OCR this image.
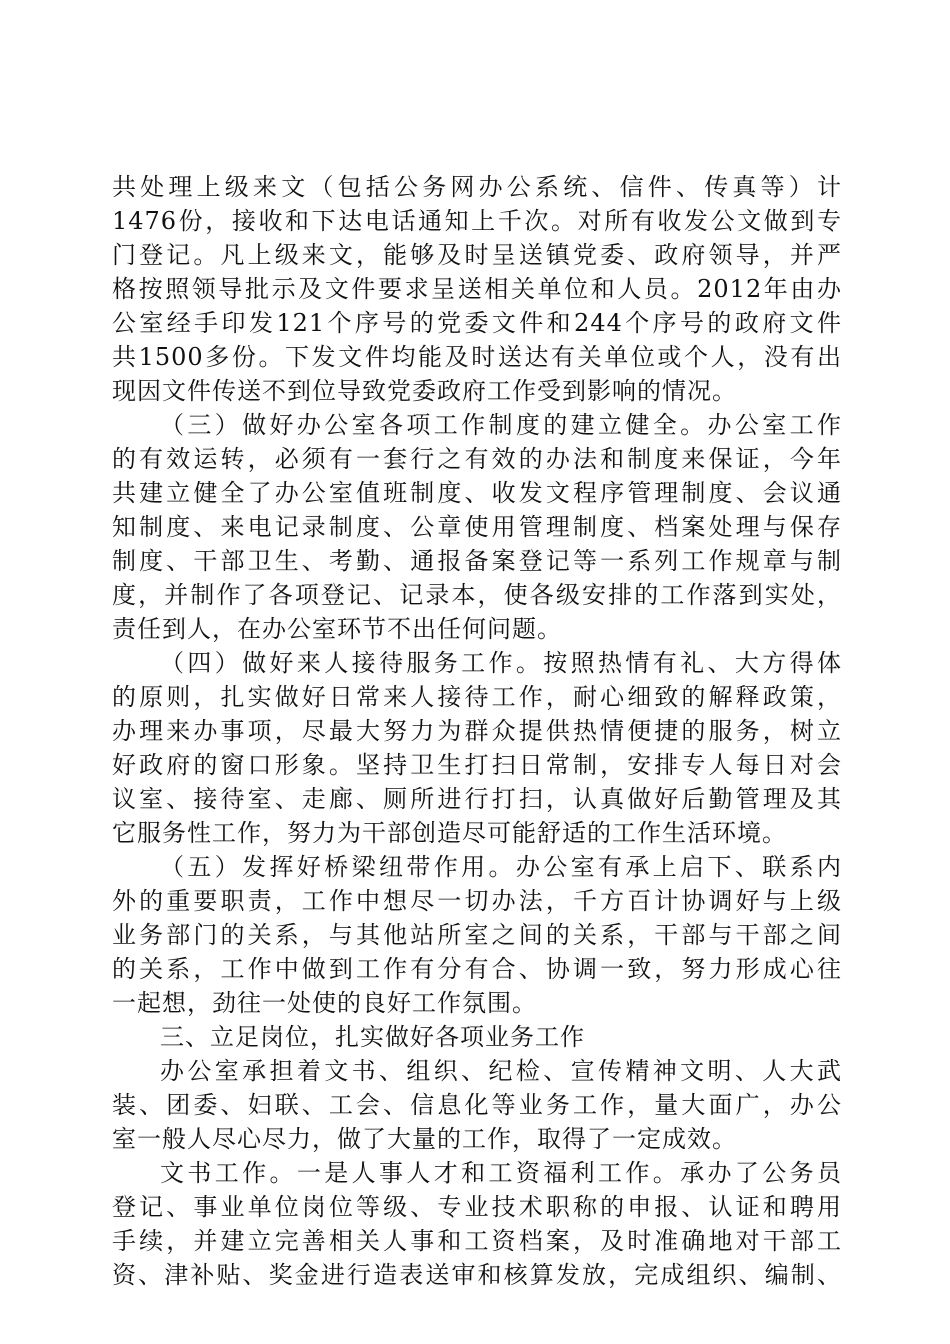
共处理上级来文（包括公务网办公系统、信件、传真等）计
1476份，接收和下达电话通知上千次。对所有收发公文做到专
门登记。凡上级来文，能够及时呈送镇党委、政府领导，并严
格按照领导批示及文件要求呈送相关单位和人员。2012年由办
公室经手印发121个序号的党委文件和244个序号的政府文件
共1500多份。下发文件均能及时送达有关单位或个人，没有出
现因文件传送不到位导致党委政府工作受到影响的情况。
（三）做好办公室各项工作制度的建立健全。办公室工作
的有效运转，必须有一套行之有效的办法和制度来保证，今年
共建立健全了办公室值班制度、收发文程序管理制度、会议通
知制度、来电记录制度、公章使用管理制度、档案处理与保存
制度、干部卫生、考勤、通报备案登记等一系列工作规章与制
度，并制作了各项登记、记录本，使各级安排的工作落到实处，
责任到人，在办公室环节不出任何问题。
（四）做好来人接待服务工作。按照热情有礼、大方得体
的原则，扎实做好日常来人接待工作，耐心细致的解释政策，
办理来办事项，尽最大努力为群众提供热情便捷的服务，树立
好政府的窗口形象。坚持卫生打扫日常制，安排专人每日对会
议室、接待室、走廊、厕所进行打扫，认真做好后勤管理及其
它服务性工作，努力为干部创造尽可能舒适的工作生活环境。
（五）发挥好桥梁纽带作用。办公室有承上启下、联系内
外的重要职责，工作中想尽一切办法，千方百计协调好与上级
业务部门的关系，与其他站所室之间的关系，干部与干部之间
的关系，工作中做到工作有分有合、协调一致，努力形成心往
一起想，劲往一处使的良好工作氛围。
三、立足岗位，扎实做好各项业务工作
办公室承担着文书、组织、纪检、宣传精神文明、人大武
装、团委、妇联、工会、信息化等业务工作，量大面广，办公
室一般人尽心尽力，做了大量的工作，取得了一定成效。
文书工作。一是人事人才和工资福利工作。承办了公务员
登记、事业单位岗位等级、专业技术职称的申报、认证和聘用
手续，并建立完善相关人事和工资档案，及时准确地对干部工
资、津补贴、奖金进行造表送审和核算发放，完成组织、编制、
